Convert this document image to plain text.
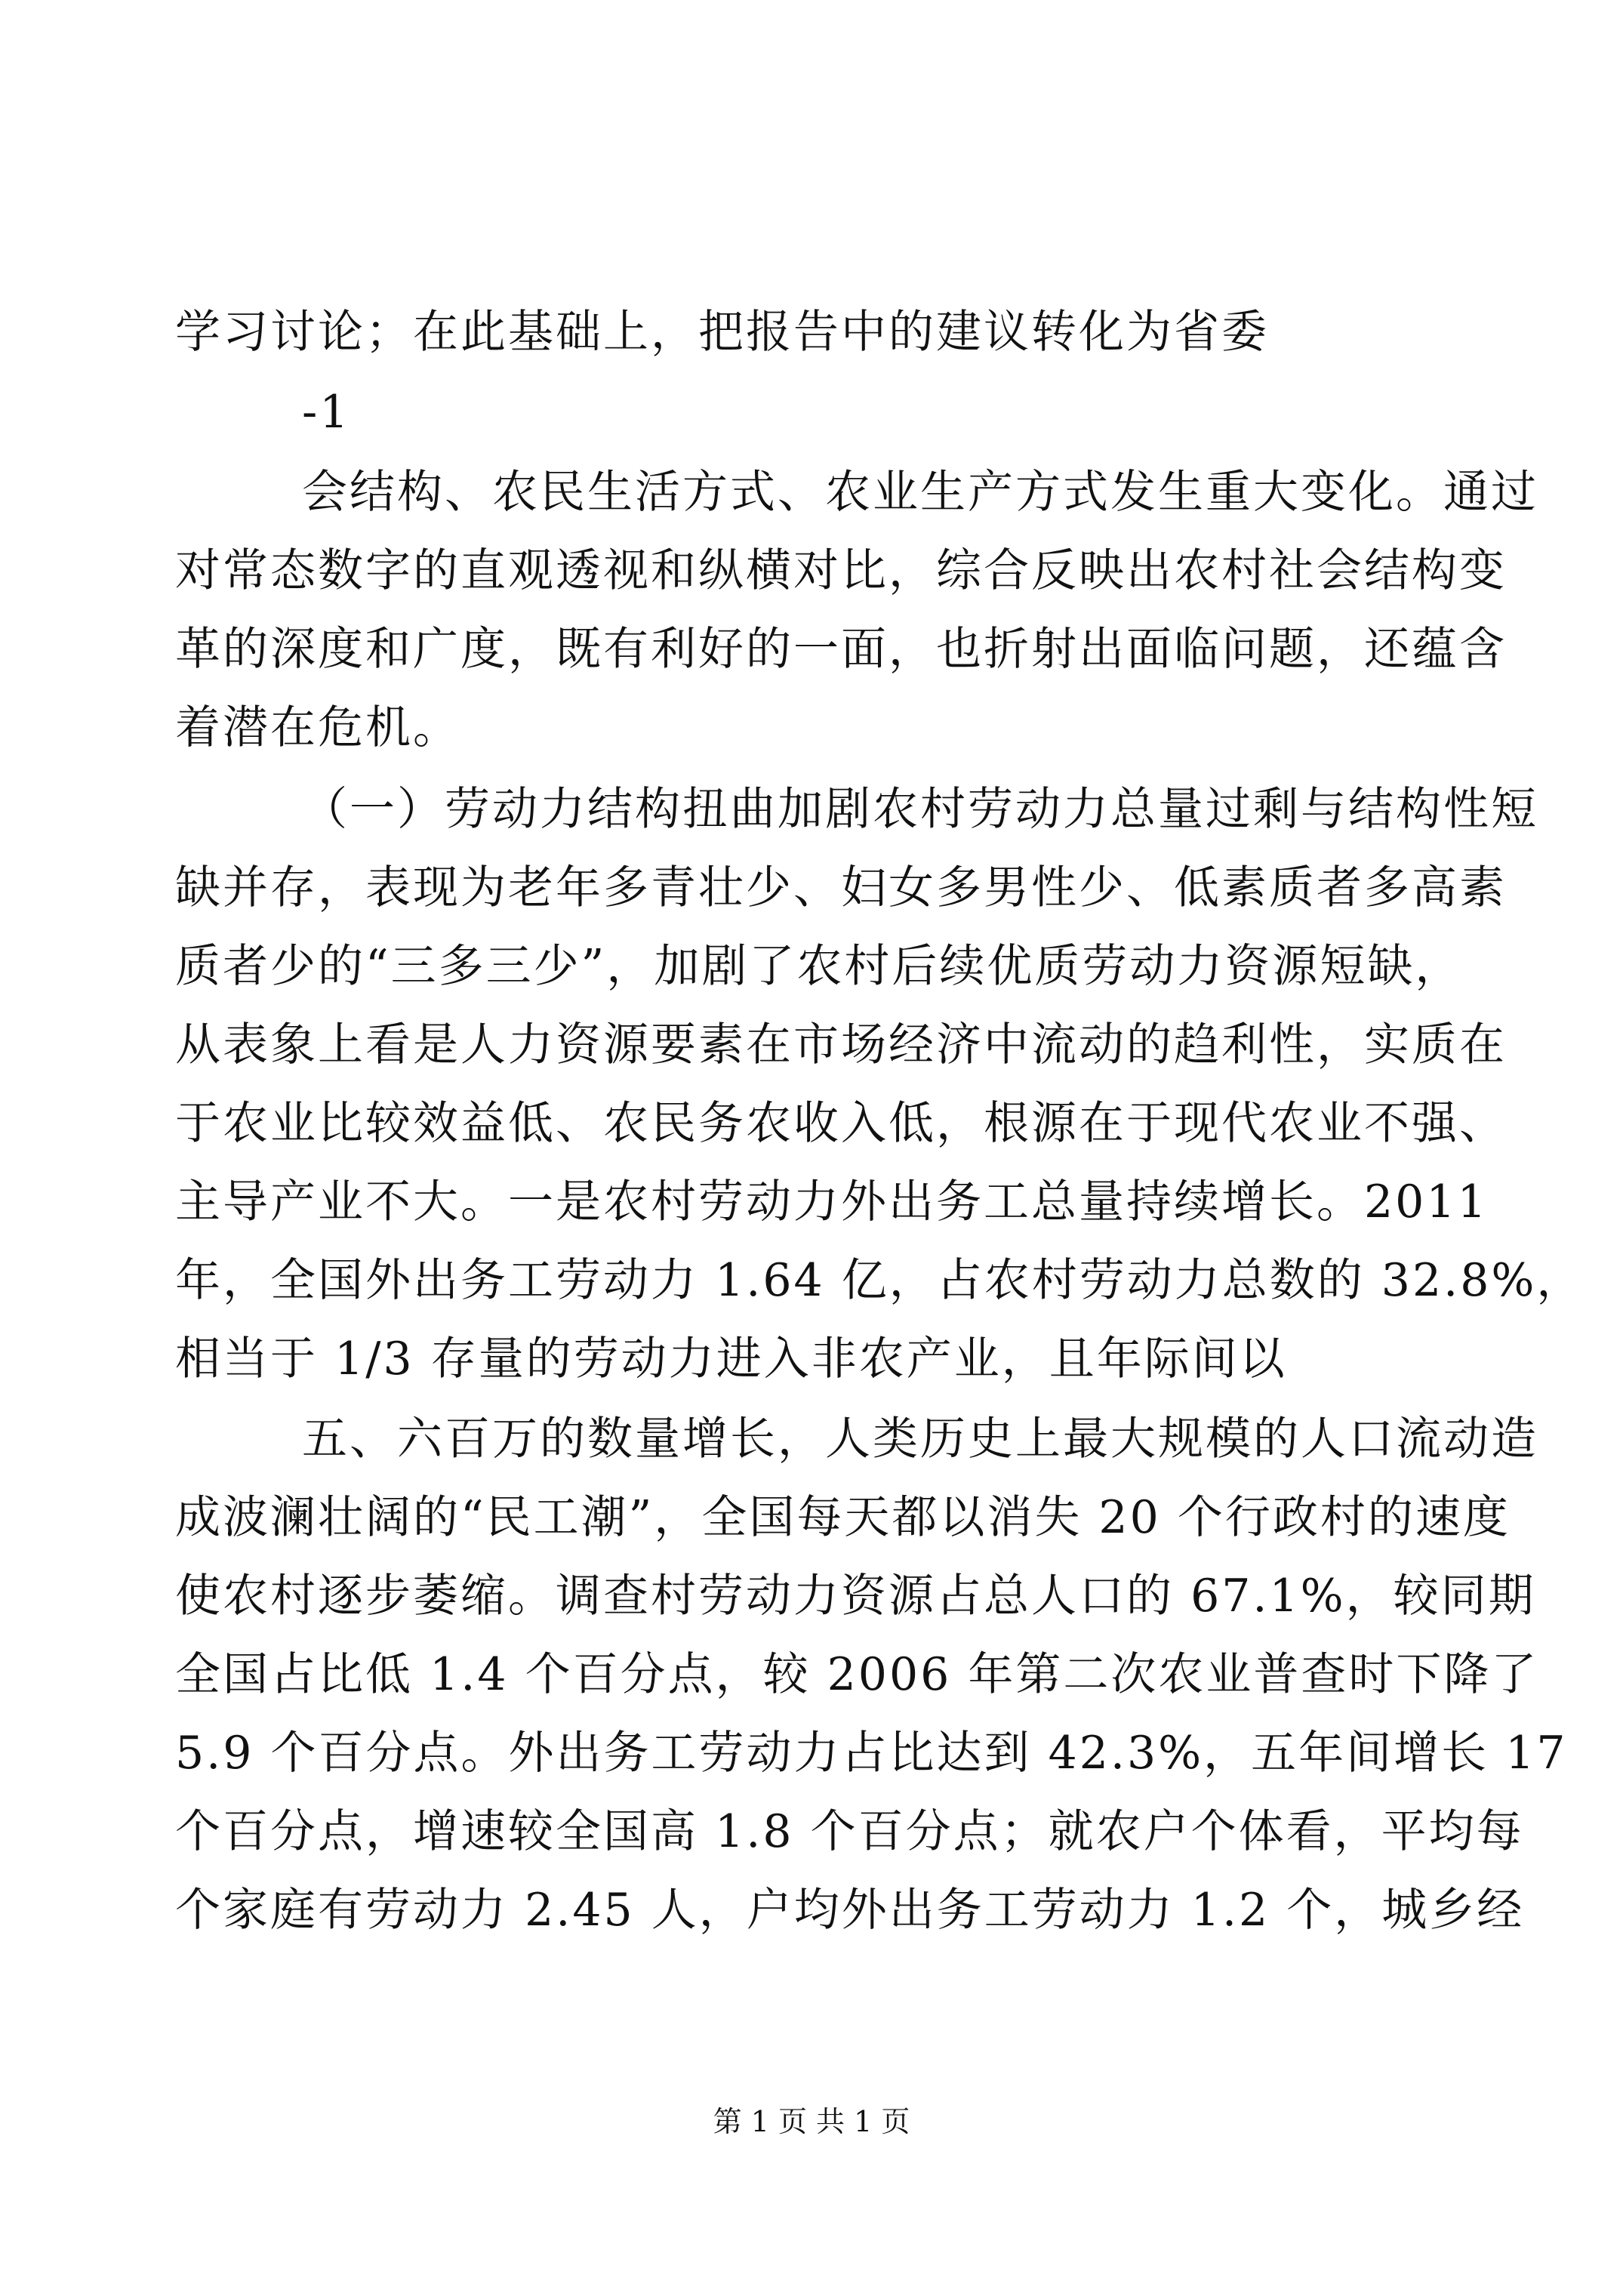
学习讨论；在此基础上，把报告中的建议转化为省委
-1
会结构、农民生活方式、农业生产方式发生重大变化。通过
对常态数字的直观透视和纵横对比，综合反映出农村社会结构变
革的深度和广度，既有利好的一面，也折射出面临问题，还蕴含
着潜在危机。
（一）劳动力结构扭曲加剧农村劳动力总量过剩与结构性短
缺并存，表现为老年多青壮少、妇女多男性少、低素质者多高素
质者少的“三多三少”，加剧了农村后续优质劳动力资源短缺，
从表象上看是人力资源要素在市场经济中流动的趋利性，实质在
于农业比较效益低、农民务农收入低，根源在于现代农业不强、
主导产业不大。一是农村劳动力外出务工总量持续增长。2011
年，全国外出务工劳动力 1.64 亿，占农村劳动力总数的 32.8%，
相当于 1/3 存量的劳动力进入非农产业，且年际间以
五、六百万的数量增长，人类历史上最大规模的人口流动造
成波澜壮阔的“民工潮”，全国每天都以消失 20 个行政村的速度
使农村逐步萎缩。调查村劳动力资源占总人口的 67.1%，较同期
全国占比低 1.4 个百分点，较 2006 年第二次农业普查时下降了
5.9 个百分点。外出务工劳动力占比达到 42.3%，五年间增长 17
个百分点，增速较全国高 1.8 个百分点；就农户个体看，平均每
个家庭有劳动力 2.45 人，户均外出务工劳动力 1.2 个，城乡经
第 1 页 共 1 页
